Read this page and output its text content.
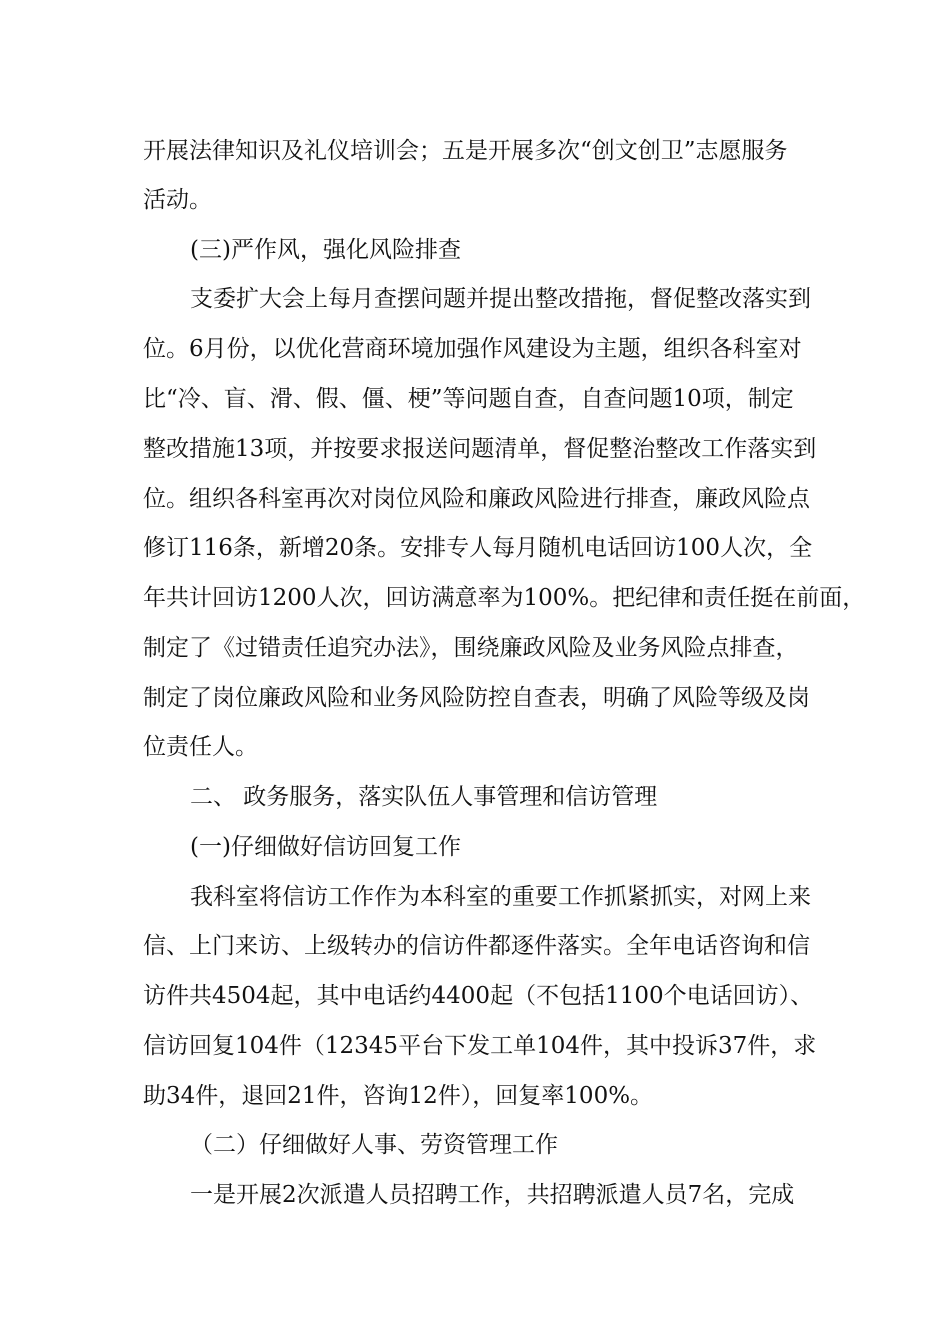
开展法律知识及礼仪培训会；五是开展多次“创文创卫”志愿服务
活动。
(三)严作风，强化风险排查
支委扩大会上每月查摆问题并提出整改措拖，督促整改落实到
位。6月份，以优化营商环境加强作风建设为主题，组织各科室对
比“冷、盲、滑、假、僵、梗”等问题自查，自查问题10项，制定
整改措施13项，并按要求报送问题清单，督促整治整改工作落实到
位。组织各科室再次对岗位风险和廉政风险进行排查，廉政风险点
修订116条，新增20条。安排专人每月随机电话回访100人次，全
年共计回访1200人次，回访满意率为100%。把纪律和责任挺在前面，
制定了《过错责任追究办法》，围绕廉政风险及业务风险点排查，
制定了岗位廉政风险和业务风险防控自查表，明确了风险等级及岗
位责任人。
二、 政务服务，落实队伍人事管理和信访管理
(一)仔细做好信访回复工作
我科室将信访工作作为本科室的重要工作抓紧抓实，对网上来
信、上门来访、上级转办的信访件都逐件落实。全年电话咨询和信
访件共4504起，其中电话约4400起（不包括1100个电话回访）、
信访回复104件（12345平台下发工单104件，其中投诉37件，求
助34件，退回21件，咨询12件），回复率100%。
（二）仔细做好人事、劳资管理工作
一是开展2次派遣人员招聘工作，共招聘派遣人员7名，完成
